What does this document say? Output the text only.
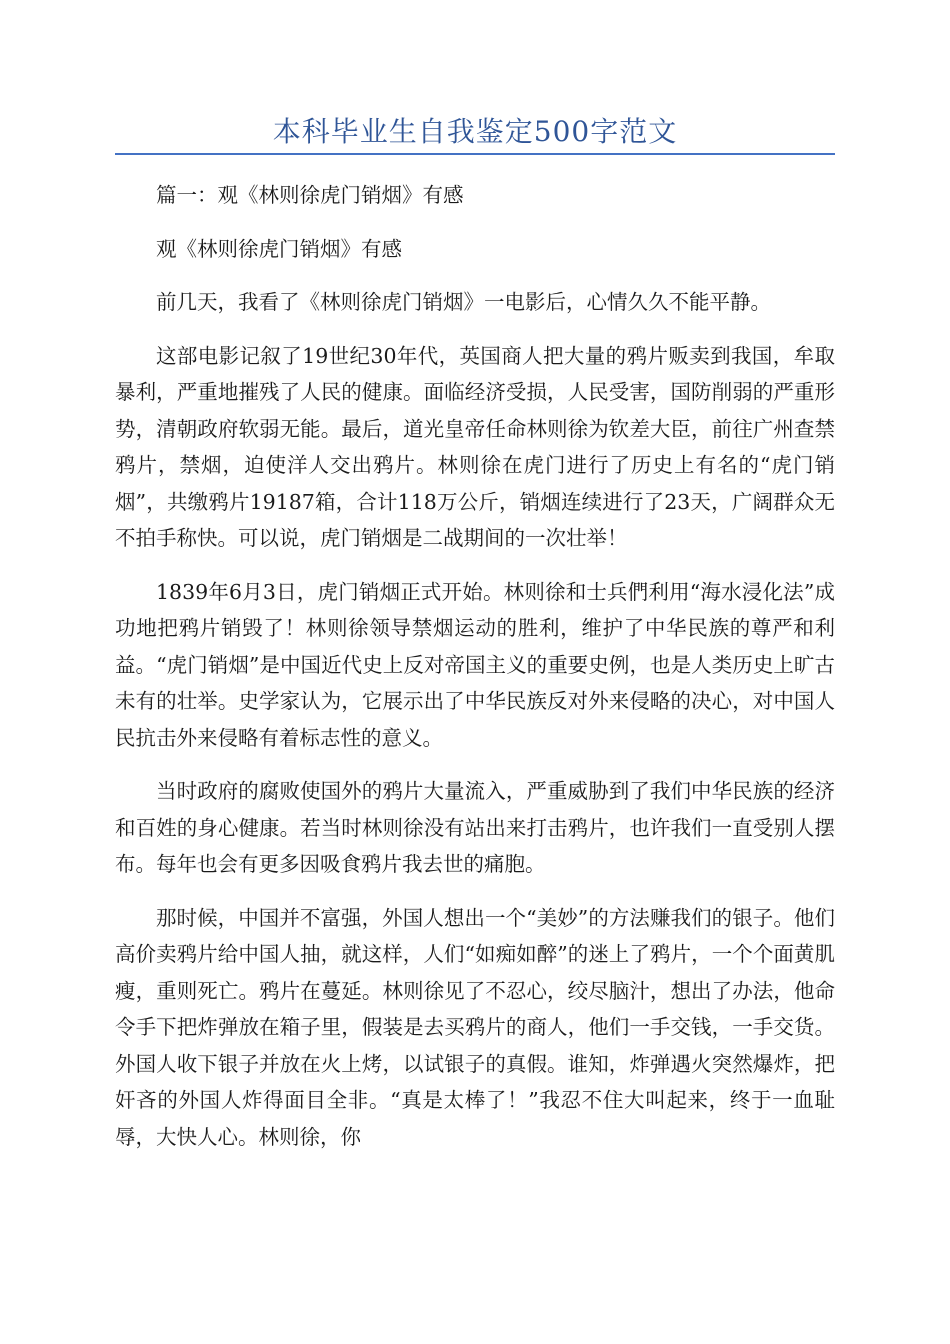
本科毕业生自我鉴定500字范文

篇一：观《林则徐虎门销烟》有感

观《林则徐虎门销烟》有感

前几天，我看了《林则徐虎门销烟》一电影后，心情久久不能平静。

这部电影记叙了19世纪30年代，英国商人把大量的鸦片贩卖到我国，牟取暴利，严重地摧残了人民的健康。面临经济受损，人民受害，国防削弱的严重形势，清朝政府软弱无能。最后，道光皇帝任命林则徐为钦差大臣，前往广州查禁鸦片，禁烟，迫使洋人交出鸦片。林则徐在虎门进行了历史上有名的“虎门销烟”，共缴鸦片19187箱，合计118万公斤，销烟连续进行了23天，广阔群众无不拍手称快。可以说，虎门销烟是二战期间的一次壮举！

1839年6月3日，虎门销烟正式开始。林则徐和士兵們利用“海水浸化法”成功地把鸦片销毁了！林则徐领导禁烟运动的胜利，维护了中华民族的尊严和利益。“虎门销烟”是中国近代史上反对帝国主义的重要史例，也是人类历史上旷古未有的壮举。史学家认为，它展示出了中华民族反对外来侵略的决心，对中国人民抗击外来侵略有着标志性的意义。

当时政府的腐败使国外的鸦片大量流入，严重威胁到了我们中华民族的经济和百姓的身心健康。若当时林则徐没有站出来打击鸦片，也许我们一直受别人摆布。每年也会有更多因吸食鸦片我去世的痛胞。

那时候，中国并不富强，外国人想出一个“美妙”的方法赚我们的银子。他们高价卖鸦片给中国人抽，就这样，人们“如痴如醉”的迷上了鸦片，一个个面黄肌瘦，重则死亡。鸦片在蔓延。林则徐见了不忍心，绞尽脑汁，想出了办法，他命令手下把炸弹放在箱子里，假装是去买鸦片的商人，他们一手交钱，一手交货。外国人收下银子并放在火上烤，以试银子的真假。谁知，炸弹遇火突然爆炸，把奸吝的外国人炸得面目全非。“真是太棒了！”我忍不住大叫起来，终于一血耻辱，大快人心。林则徐，你
